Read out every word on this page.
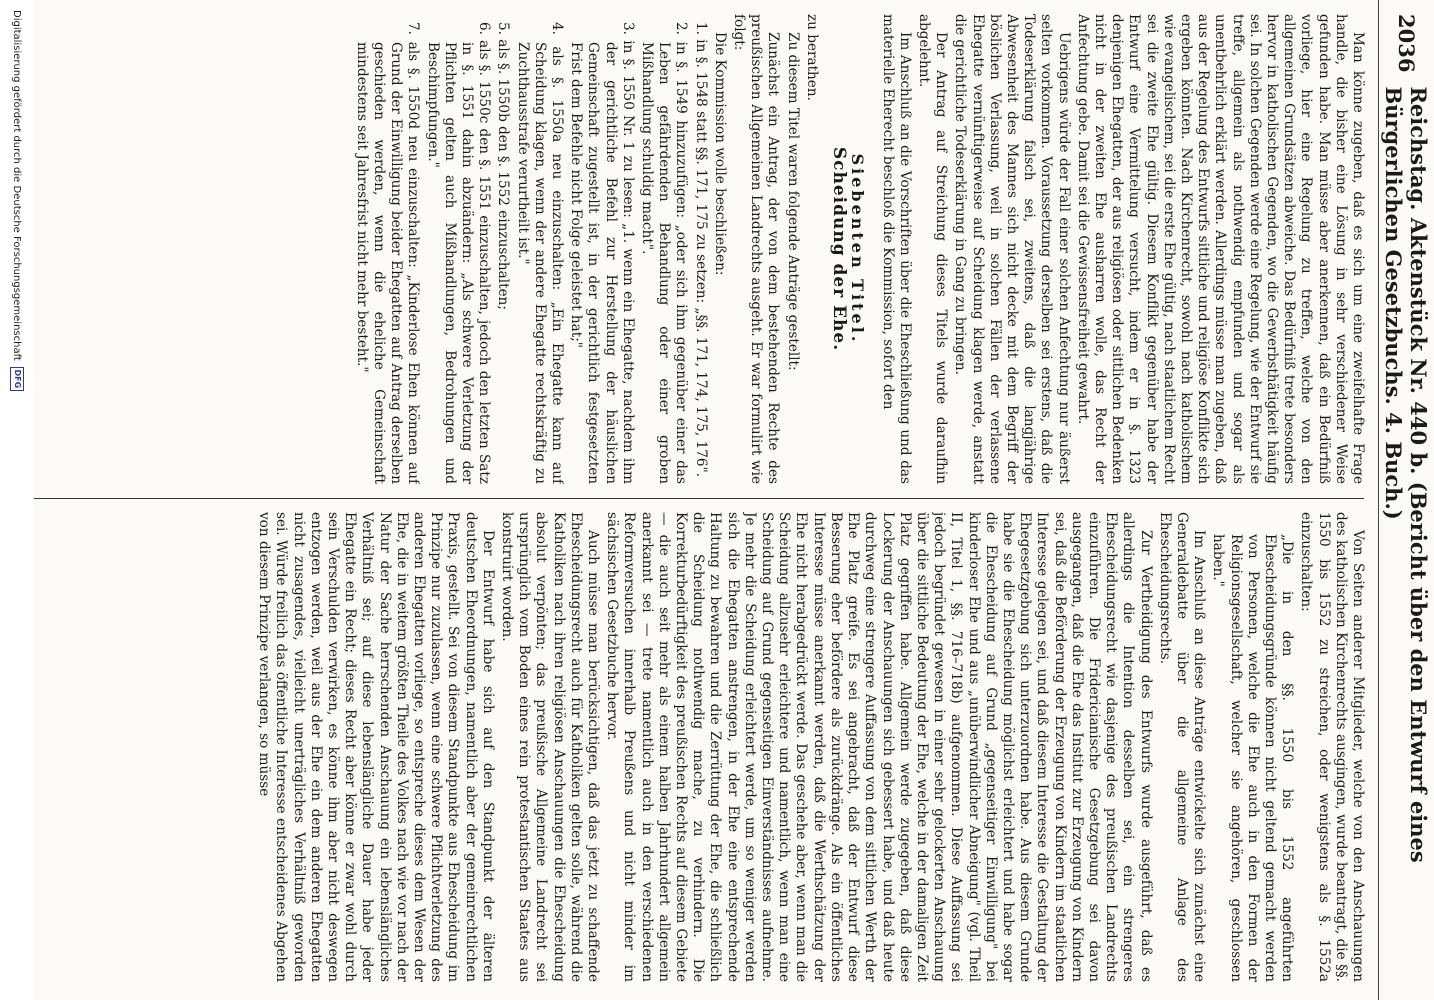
2036
Reichstag. Aktenstück Nr. 440 b. (Bericht über den Entwurf eines Bürgerlichen Gesetzbuchs. 4. Buch.)

Man könne zugeben, daß es sich um eine zweifelhafte Frage handle, die bisher eine Lösung in sehr verschiedener Weise gefunden habe. Man müsse aber anerkennen, daß ein Bedürfniß vorliege, hier eine Regelung zu treffen, welche von den allgemeinen Grundsätzen abweiche. Das Bedürfniß trete besonders hervor in katholischen Gegenden, wo die Gewerbsthätigkeit häufig sei. In solchen Gegenden werde eine Regelung, wie der Entwurf sie treffe, allgemein als nothwendig empfunden und sogar als unentbehrlich erklärt werden. Allerdings müsse man zugeben, daß aus der Regelung des Entwurfs sittliche und religiöse Konflikte sich ergeben könnten. Nach Kirchenrecht, sowohl nach katholischem wie evangelischem, sei die erste Ehe gültig, nach staatlichem Recht sei die zweite Ehe gültig. Diesem Konflikt gegenüber habe der Entwurf eine Vermittelung versucht, indem er in §. 1323 denjenigen Ehegatten, der aus religiösen oder sittlichen Bedenken nicht in der zweiten Ehe ausharren wolle, das Recht der Anfechtung gebe. Damit sei die Gewissensfreiheit gewahrt.

Uebrigens würde der Fall einer solchen Anfechtung nur äußerst selten vorkommen. Voraussetzung derselben sei erstens, daß die Todeserklärung falsch sei, zweitens, daß die langjährige Abwesenheit des Mannes sich nicht decke mit dem Begriff der böslichen Verlassung, weil in solchen Fällen der verlassene Ehegatte vernünftigerweise auf Scheidung klagen werde, anstatt die gerichtliche Todeserklärung in Gang zu bringen.

Der Antrag auf Streichung dieses Titels wurde daraufhin abgelehnt.

Im Anschluß an die Vorschriften über die Eheschließung und das materielle Eherecht beschloß die Kommission, sofort den

Siebenten Titel.
Scheidung der Ehe.

zu berathen.

Zu diesem Titel waren folgende Anträge gestellt:

Zunächst ein Antrag, der von dem bestehenden Rechte des preußischen Allgemeinen Landrechts ausgeht. Er war formulirt wie folgt:

Die Kommission wolle beschließen:

1. in §. 1548 statt §§. 171, 175 zu setzen: „§§. 171, 174, 175, 176".

2. in §. 1549 hinzuzufügen: „oder sich ihm gegenüber einer das Leben gefährdenden Behandlung oder einer groben Mißhandlung schuldig macht".

3. in §. 1550 Nr. 1 zu lesen: „1. wenn ein Ehegatte, nachdem ihm der gerichtliche Befehl zur Herstellung der häuslichen Gemeinschaft zugestellt ist, in der gerichtlich festgesetzten Frist dem Befehle nicht Folge geleistet hat;"

4. als §. 1550a neu einzuschalten: „Ein Ehegatte kann auf Scheidung klagen, wenn der andere Ehegatte rechtskräftig zu Zuchthausstrafe verurtheilt ist."

5. als §. 1550b den §. 1552 einzuschalten;

6. als §. 1550c den §. 1551 einzuschalten, jedoch den letzten Satz in §. 1551 dahin abzuändern: „Als schwere Verletzung der Pflichten gelten auch Mißhandlungen, Bedrohungen und Beschimpfungen."

7. als §. 1550d neu einzuschalten: „Kinderlose Ehen können auf Grund der Einwilligung beider Ehegatten auf Antrag derselben geschieden werden, wenn die eheliche Gemeinschaft mindestens seit Jahresfrist nicht mehr besteht."

Von Seiten anderer Mitglieder, welche von den Anschauungen des katholischen Kirchenrechts ausgingen, wurde beantragt, die §§. 1550 bis 1552 zu streichen, oder wenigstens als §. 1552a einzuschalten:

„Die in den §§. 1550 bis 1552 angeführten Ehescheidungsgründe können nicht geltend gemacht werden von Personen, welche die Ehe auch in den Formen der Religionsgesellschaft, welcher sie angehören, geschlossen haben."

Im Anschluß an diese Anträge entwickelte sich zunächst eine Generaldebatte über die allgemeine Anlage des Ehescheidungsrechts.

Zur Vertheidigung des Entwurfs wurde ausgeführt, daß es allerdings die Intention desselben sei, ein strengeres Ehescheidungsrecht wie dasjenige des preußischen Landrechts einzuführen. Die Fridericianische Gesetzgebung sei davon ausgegangen, daß die Ehe das Institut zur Erzeugung von Kindern sei, daß die Beförderung der Erzeugung von Kindern im staatlichen Interesse gelegen sei, und daß diesem Interesse die Gestaltung der Ehegesetzgebung sich unterzuordnen habe. Aus diesem Grunde habe sie die Ehescheidung möglichst erleichtert und habe sogar die Ehescheidung auf Grund „gegenseitiger Einwilligung" bei kinderloser Ehe und aus „unüberwindlicher Abneigung" (vgl. Theil II, Titel 1, §§. 716–718b) aufgenommen. Diese Auffassung sei jedoch begründet gewesen in einer sehr gelockerten Anschauung über die sittliche Bedeutung der Ehe, welche in der damaligen Zeit Platz gegriffen habe. Allgemein werde zugegeben, daß diese Lockerung der Anschauungen sich gebessert habe, und daß heute durchweg eine strengere Auffassung von dem sittlichen Werth der Ehe Platz greife. Es sei angebracht, daß der Entwurf diese Besserung eher befördere als zurückdränge. Als ein öffentliches Interesse müsse anerkannt werden, daß die Werthschätzung der Ehe nicht herabgedrückt werde. Das geschehe aber, wenn man die Scheidung allzusehr erleichtere und namentlich, wenn man eine Scheidung auf Grund gegenseitigen Einverständnisses aufnehme. Je mehr die Scheidung erleichtert werde, um so weniger werden sich die Ehegatten anstrengen, in der Ehe eine entsprechende Haltung zu bewahren und die Zerrüttung der Ehe, die schließlich die Scheidung nothwendig mache, zu verhindern. Die Korrekturbedürftigkeit des preußischen Rechts auf diesem Gebiete — die auch seit mehr als einem halben Jahrhundert allgemein anerkannt sei — trete namentlich auch in den verschiedenen Reformversuchen innerhalb Preußens und nicht minder im sächsischen Gesetzbuche hervor.

Auch müsse man berücksichtigen, daß das jetzt zu schaffende Ehescheidungsrecht auch für Katholiken gelten solle, während die Katholiken nach ihren religiösen Anschauungen die Ehescheidung absolut verpönten; das preußische Allgemeine Landrecht sei ursprünglich vom Boden eines rein protestantischen Staates aus konstruirt worden.

Der Entwurf habe sich auf den Standpunkt der älteren deutschen Eheordnungen, namentlich aber der gemeinrechtlichen Praxis, gestellt. Sei von diesem Standpunkte aus Ehescheidung im Prinzipe nur zuzulassen, wenn eine schwere Pflichtverletzung des anderen Ehegatten vorliege, so entspreche dieses dem Wesen der Ehe, die in weitem größten Theile des Volkes nach wie vor nach der Natur der Sache herrschenden Anschauung ein lebenslängliches Verhältniß sei; auf diese lebenslängliche Dauer habe jeder Ehegatte ein Recht; dieses Recht aber könne er zwar wohl durch sein Verschulden verwirken, es könne ihm aber nicht deswegen entzogen werden, weil aus der Ehe ein dem anderen Ehegatten nicht zusagendes, vielleicht unerträgliches Verhältniß geworden sei. Würde freilich das öffentliche Interesse entscheidenes Abgehen von diesem Prinzipe verlangen, so müsse

Digitalisierung gefördert durch die Deutsche Forschungsgemeinschaft
DFG
